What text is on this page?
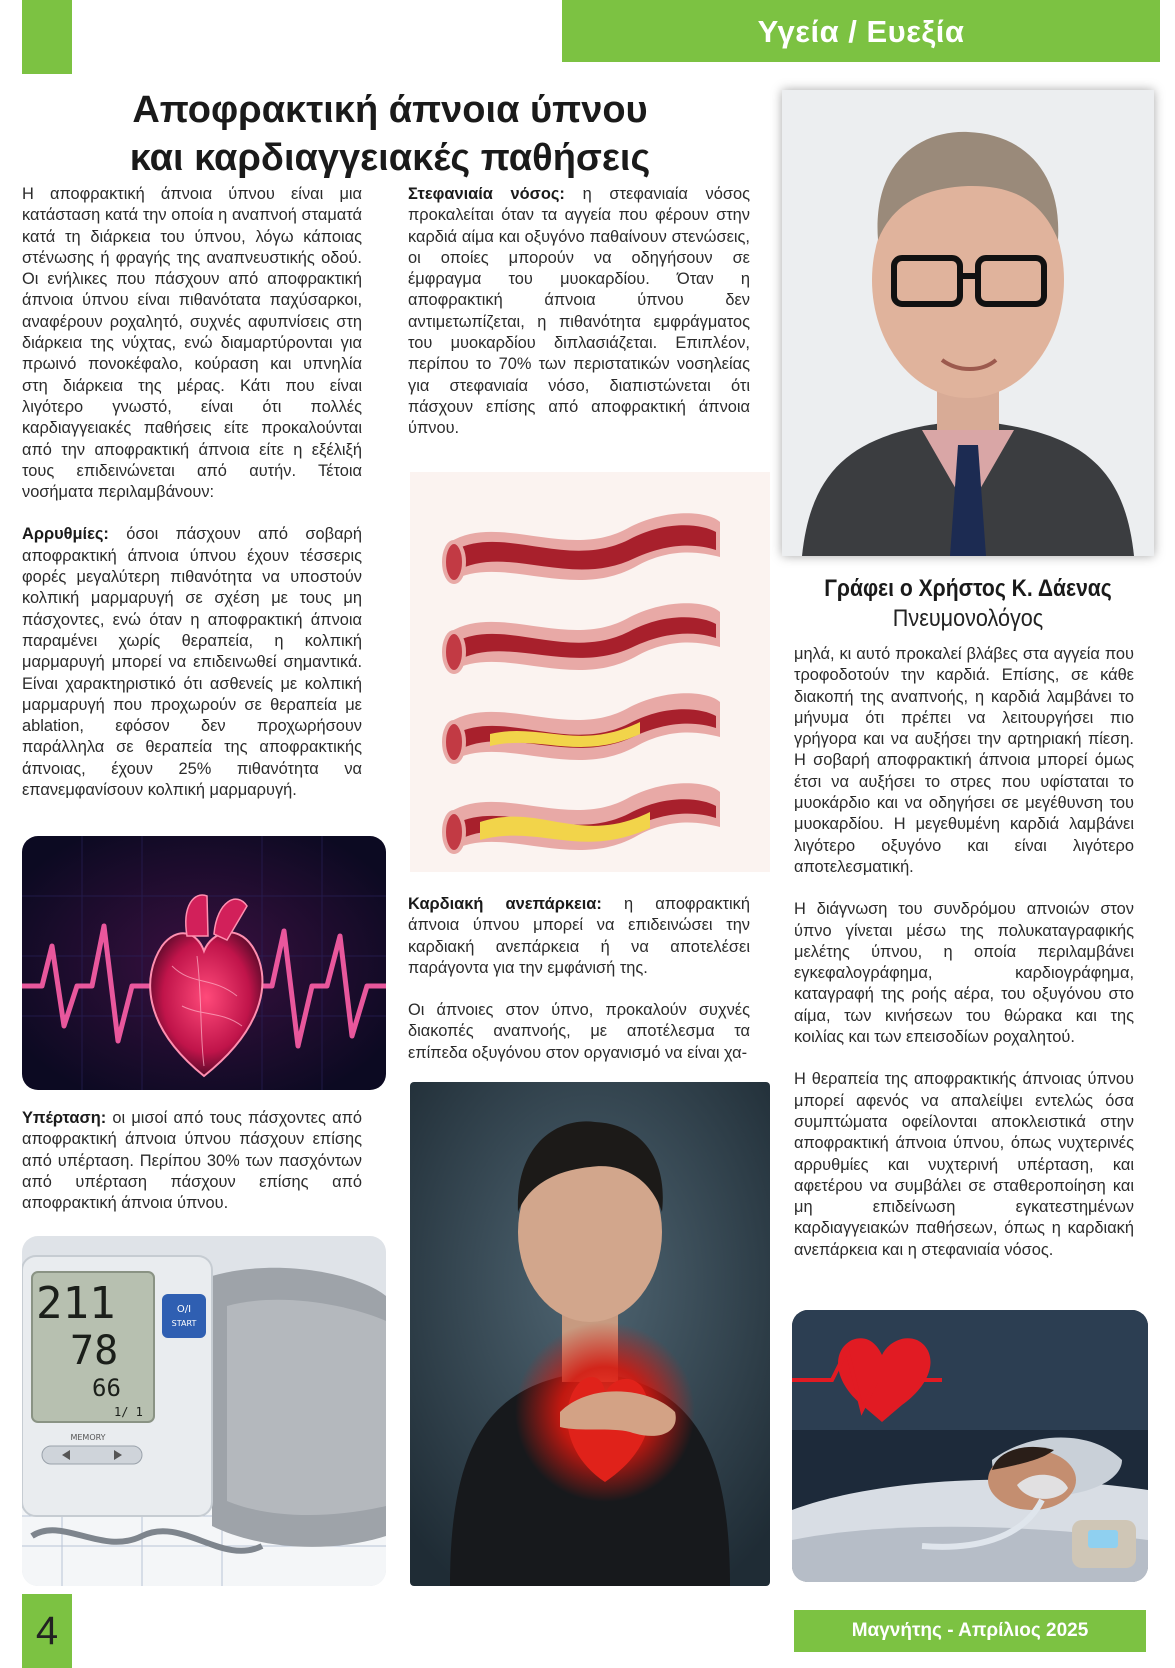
Υγεία / Ευεξία
Αποφρακτική άπνοια ύπνου
και καρδιαγγειακές παθήσεις

Η αποφρακτική άπνοια ύπνου είναι μια κατάσταση κατά την οποία η αναπνοή σταματά κατά τη διάρκεια του ύπνου, λόγω κάποιας στένωσης ή φραγής της αναπνευστικής οδού. Οι ενήλικες που πάσχουν από αποφρακτική άπνοια ύπνου είναι πιθανότατα παχύσαρκοι, αναφέρουν ροχαλητό, συχνές αφυπνίσεις στη διάρκεια της νύχτας, ενώ διαμαρτύρονται για πρωινό πονοκέφαλο, κούραση και υπνηλία στη διάρκεια της μέρας. Κάτι που είναι λιγότερο γνωστό, είναι ότι πολλές καρδιαγγειακές παθήσεις είτε προκαλούνται από την αποφρακτική άπνοια είτε η εξέλιξή τους επιδεινώνεται από αυτήν. Τέτοια νοσήματα περιλαμβάνουν:

Αρρυθμίες: όσοι πάσχουν από σοβαρή αποφρακτική άπνοια ύπνου έχουν τέσσερις φορές μεγαλύτερη πιθανότητα να υποστούν κολπική μαρμαρυγή σε σχέση με τους μη πάσχοντες, ενώ όταν η αποφρακτική άπνοια παραμένει χωρίς θεραπεία, η κολπική μαρμαρυγή μπορεί να επιδεινωθεί σημαντικά. Είναι χαρακτηριστικό ότι ασθενείς με κολπική μαρμαρυγή που προχωρούν σε θεραπεία με ablation, εφόσον δεν προχωρήσουν παράλληλα σε θεραπεία της αποφρακτικής άπνοιας, έχουν 25% πιθανότητα να επανεμφανίσουν κολπική μαρμαρυγή.

Υπέρταση: οι μισοί από τους πάσχοντες από αποφρακτική άπνοια ύπνου πάσχουν επίσης από υπέρταση. Περίπου 30% των πασχόντων από υπέρταση πάσχουν επίσης από αποφρακτική άπνοια ύπνου.

211
78
66
1/ 1
O/I
START
MEMORY

Στεφανιαία νόσος: η στεφανιαία νόσος προκαλείται όταν τα αγγεία που φέρουν στην καρδιά αίμα και οξυγόνο παθαίνουν στενώσεις, οι οποίες μπορούν να οδηγήσουν σε έμφραγμα του μυοκαρδίου. Όταν η αποφρακτική άπνοια ύπνου δεν αντιμετωπίζεται, η πιθανότητα εμφράγματος του μυοκαρδίου διπλασιάζεται. Επιπλέον, περίπου το 70% των περιστατικών νοσηλείας για στεφανιαία νόσο, διαπιστώνεται ότι πάσχουν επίσης από αποφρακτική άπνοια ύπνου.

Καρδιακή ανεπάρκεια: η αποφρακτική άπνοια ύπνου μπορεί να επιδεινώσει την καρδιακή ανεπάρκεια ή να αποτελέσει παράγοντα για την εμφάνισή της.

Οι άπνοιες στον ύπνο, προκαλούν συχνές διακοπές αναπνοής, με αποτέλεσμα τα επίπεδα οξυγόνου στον οργανισμό να είναι χα-

Γράφει ο Χρήστος Κ. Δάενας
Πνευμονολόγος

μηλά, κι αυτό προκαλεί βλάβες στα αγγεία που τροφοδοτούν την καρδιά. Επίσης, σε κάθε διακοπή της αναπνοής, η καρδιά λαμβάνει το μήνυμα ότι πρέπει να λειτουργήσει πιο γρήγορα και να αυξήσει την αρτηριακή πίεση. Η σοβαρή αποφρακτική άπνοια μπορεί όμως έτσι να αυξήσει το στρες που υφίσταται το μυοκάρδιο και να οδηγήσει σε μεγέθυνση του μυοκαρδίου. Η μεγεθυμένη καρδιά λαμβάνει λιγότερο οξυγόνο και είναι λιγότερο αποτελεσματική.

Η διάγνωση του συνδρόμου απνοιών στον ύπνο γίνεται μέσω της πολυκαταγραφικής μελέτης ύπνου, η οποία περιλαμβάνει εγκεφαλογράφημα, καρδιογράφημα, καταγραφή της ροής αέρα, του οξυγόνου στο αίμα, των κινήσεων του θώρακα και της κοιλίας και των επεισοδίων ροχαλητού.

Η θεραπεία της αποφρακτικής άπνοιας ύπνου μπορεί αφενός να απαλείψει εντελώς όσα συμπτώματα οφείλονται αποκλειστικά στην αποφρακτική άπνοια ύπνου, όπως νυχτερινές αρρυθμίες και νυχτερινή υπέρταση, και αφετέρου να συμβάλει σε σταθεροποίηση και μη επιδείνωση εγκατεστημένων καρδιαγγειακών παθήσεων, όπως η καρδιακή ανεπάρκεια και η στεφανιαία νόσος.

4	Μαγνήτης - Απρίλιος 2025
